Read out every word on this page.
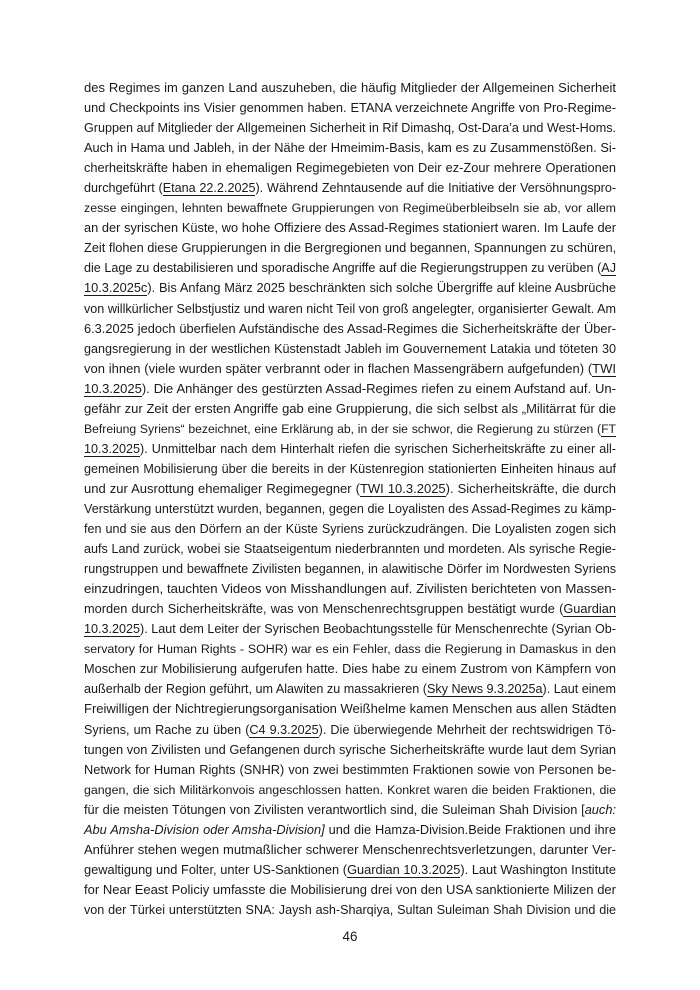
des Regimes im ganzen Land auszuheben, die häufig Mitglieder der Allgemeinen Sicherheit
und Checkpoints ins Visier genommen haben. ETANA verzeichnete Angriffe von Pro-Regime-
Gruppen auf Mitglieder der Allgemeinen Sicherheit in Rif Dimashq, Ost-Dara’a und West-Homs.
Auch in Hama und Jableh, in der Nähe der Hmeimim-Basis, kam es zu Zusammenstößen. Si-
cherheitskräfte haben in ehemaligen Regimegebieten von Deir ez-Zour mehrere Operationen
durchgeführt (Etana 22.2.2025). Während Zehntausende auf die Initiative der Versöhnungspro-
zesse eingingen, lehnten bewaffnete Gruppierungen von Regimeüberbleibseln sie ab, vor allem
an der syrischen Küste, wo hohe Offiziere des Assad-Regimes stationiert waren. Im Laufe der
Zeit flohen diese Gruppierungen in die Bergregionen und begannen, Spannungen zu schüren,
die Lage zu destabilisieren und sporadische Angriffe auf die Regierungstruppen zu verüben (AJ
10.3.2025c). Bis Anfang März 2025 beschränkten sich solche Übergriffe auf kleine Ausbrüche
von willkürlicher Selbstjustiz und waren nicht Teil von groß angelegter, organisierter Gewalt. Am
6.3.2025 jedoch überfielen Aufständische des Assad-Regimes die Sicherheitskräfte der Über-
gangsregierung in der westlichen Küstenstadt Jableh im Gouvernement Latakia und töteten 30
von ihnen (viele wurden später verbrannt oder in flachen Massengräbern aufgefunden) (TWI
10.3.2025). Die Anhänger des gestürzten Assad-Regimes riefen zu einem Aufstand auf. Un-
gefähr zur Zeit der ersten Angriffe gab eine Gruppierung, die sich selbst als „Militärrat für die
Befreiung Syriens“ bezeichnet, eine Erklärung ab, in der sie schwor, die Regierung zu stürzen (FT
10.3.2025). Unmittelbar nach dem Hinterhalt riefen die syrischen Sicherheitskräfte zu einer all-
gemeinen Mobilisierung über die bereits in der Küstenregion stationierten Einheiten hinaus auf
und zur Ausrottung ehemaliger Regimegegner (TWI 10.3.2025). Sicherheitskräfte, die durch
Verstärkung unterstützt wurden, begannen, gegen die Loyalisten des Assad-Regimes zu kämp-
fen und sie aus den Dörfern an der Küste Syriens zurückzudrängen. Die Loyalisten zogen sich
aufs Land zurück, wobei sie Staatseigentum niederbrannten und mordeten. Als syrische Regie-
rungstruppen und bewaffnete Zivilisten begannen, in alawitische Dörfer im Nordwesten Syriens
einzudringen, tauchten Videos von Misshandlungen auf. Zivilisten berichteten von Massen-
morden durch Sicherheitskräfte, was von Menschenrechtsgruppen bestätigt wurde (Guardian
10.3.2025). Laut dem Leiter der Syrischen Beobachtungsstelle für Menschenrechte (Syrian Ob-
servatory for Human Rights - SOHR) war es ein Fehler, dass die Regierung in Damaskus in den
Moschen zur Mobilisierung aufgerufen hatte. Dies habe zu einem Zustrom von Kämpfern von
außerhalb der Region geführt, um Alawiten zu massakrieren (Sky News 9.3.2025a). Laut einem
Freiwilligen der Nichtregierungsorganisation Weißhelme kamen Menschen aus allen Städten
Syriens, um Rache zu üben (C4 9.3.2025). Die überwiegende Mehrheit der rechtswidrigen Tö-
tungen von Zivilisten und Gefangenen durch syrische Sicherheitskräfte wurde laut dem Syrian
Network for Human Rights (SNHR) von zwei bestimmten Fraktionen sowie von Personen be-
gangen, die sich Militärkonvois angeschlossen hatten. Konkret waren die beiden Fraktionen, die
für die meisten Tötungen von Zivilisten verantwortlich sind, die Suleiman Shah Division [auch:
Abu Amsha-Division oder Amsha-Division] und die Hamza-Division.Beide Fraktionen und ihre
Anführer stehen wegen mutmaßlicher schwerer Menschenrechtsverletzungen, darunter Ver-
gewaltigung und Folter, unter US-Sanktionen (Guardian 10.3.2025). Laut Washington Institute
for Near Eeast Policiy umfasste die Mobilisierung drei von den USA sanktionierte Milizen der
von der Türkei unterstützten SNA: Jaysh ash-Sharqiya, Sultan Suleiman Shah Division und die
46
